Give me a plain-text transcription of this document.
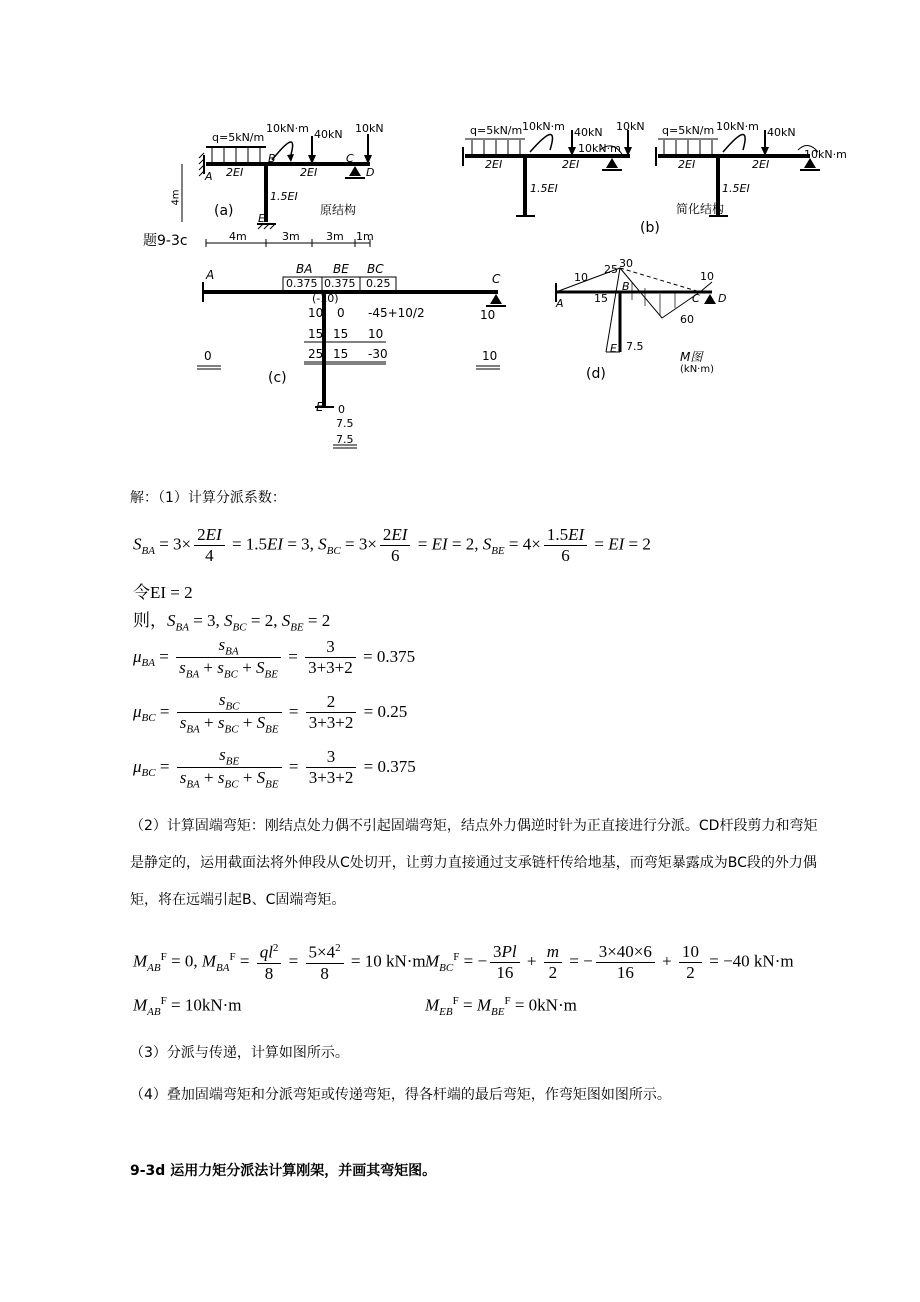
q=5kN/m
10kN·m 40kN 10kN
2EI	2EI
1.5EI
A
B	C
D
E
(a)	原结构
4m
题9-3c	4m	3m 3m 1m
q=5kN/m 10kN·m 40kN 10kN
10kN·m
2EI	2EI
1.5EI
q=5kN/m 10kN·m 40kN
10kN·m
2EI	2EI
1.5EI
简化结构
(b)
A	C
E
BA BE BC
0.375 0.375 0.25
(-10)
10 0 -45+10/2
15 15 10
25 15 -30
0
10
10
0
7.5
7.5
(c)
10
25 30
15
10
60
7.5
A
B
C D
E
M图
(kN·m)
(d)
解：（1）计算分派系数：
$S_{BA} = 3\times \frac{2EI}{4} = 1.5EI = 3$, $S_{BC} = 3\times \frac{2EI}{6}$ = EI = 2, $S_{BE} = 4\times \frac{1.5EI}{6}$ = EI = 2
令EI = 2
则，$S_{BA} = 3$, $S_{BC} = 2$, $S_{BE} = 2$
$\mu_{BA} = \frac{s_{BA}}{s_{BA} + s_{BC} + S_{BE}} = \frac{3}{3+3+2} = 0.375$
$\mu_{BC} = \frac{s_{BC}}{s_{BA} + s_{BC} + S_{BE}} = \frac{2}{3+3+2} = 0.25$
$\mu_{BC} = \frac{s_{BE}}{s_{BA} + s_{BC} + S_{BE}} = \frac{3}{3+3+2} = 0.375$
（2）计算固端弯矩：刚结点处力偶不引起固端弯矩，结点外力偶逆时针为正直接进行分派。CD杆段剪力和弯矩是静定的，运用截面法将外伸段从C处切开，让剪力直接通过支承链杆传给地基，而弯矩暴露成为BC段的外力偶矩，将在远端引起B、C固端弯矩。
$M_{AB}^F = 0$, $M_{BA}^F = \frac{ql^2}{8} = \frac{5\times 4^2}{8} = 10$ kN·m $M_{BC}^F$ = − $\frac{3Pl}{16} + \frac{m}{2}$ = − $\frac{3\times 40\times 6}{16} + \frac{10}{2} = -40$ kN·m
$M_{AB}^F = 10kN\cdot m$	$M_{EB}^F = M_{BE}^F = 0kN\cdot m$
（3）分派与传递，计算如图所示。
（4）叠加固端弯矩和分派弯矩或传递弯矩，得各杆端的最后弯矩，作弯矩图如图所示。
9-3d 运用力矩分派法计算刚架，并画其弯矩图。
